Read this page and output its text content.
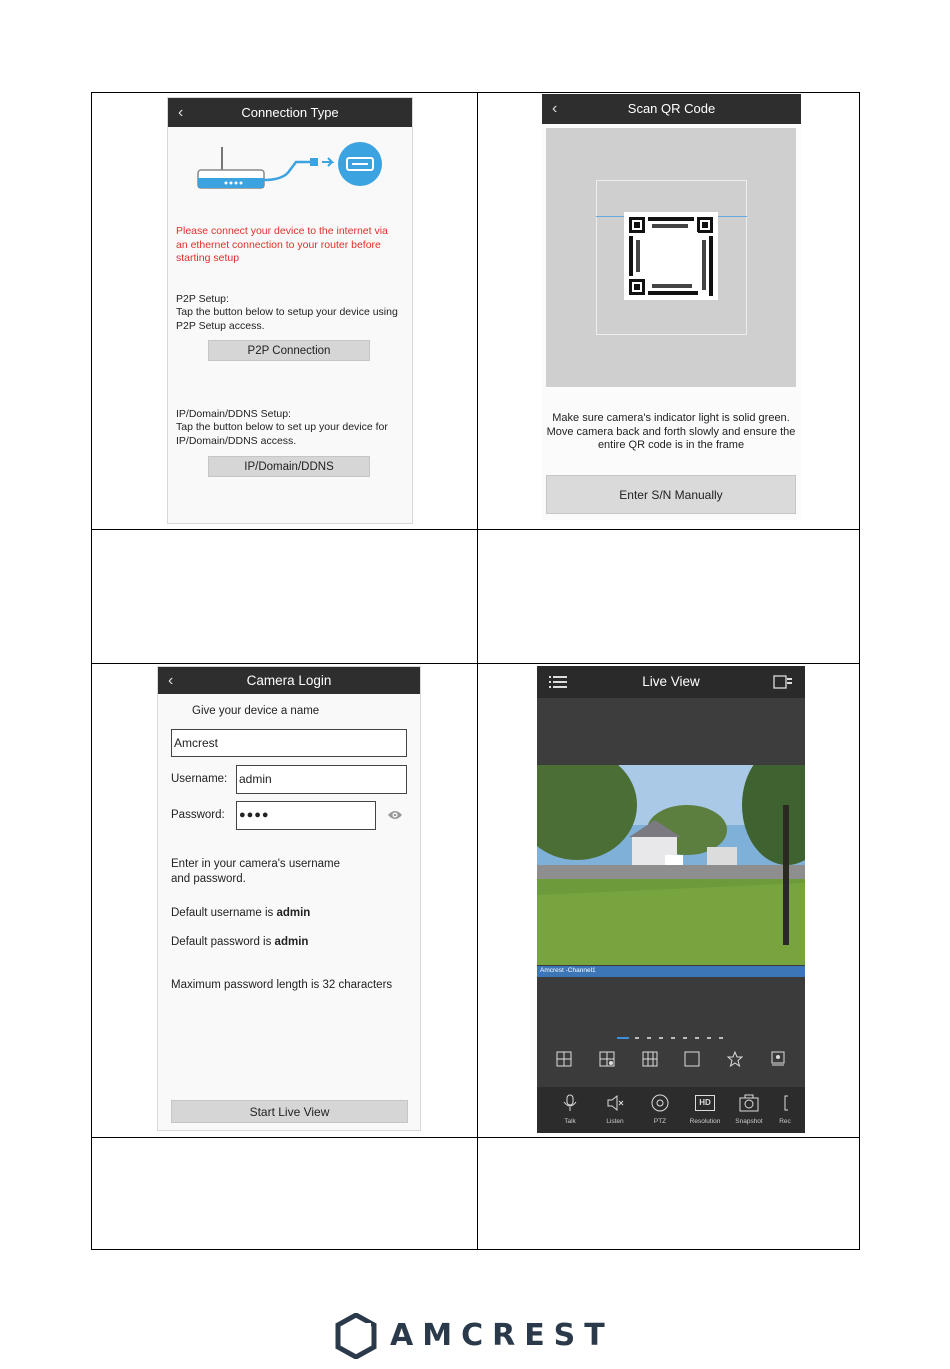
‹	Connection Type
Please connect your device to the internet via an ethernet connection to your router before starting setup
P2P Setup:
Tap the button below to setup your device using P2P Setup access.
P2P Connection
IP/Domain/DDNS Setup:
Tap the button below to set up your device for IP/Domain/DDNS access.
IP/Domain/DDNS
‹	Scan QR Code
Make sure camera's indicator light is solid green. Move camera back and forth slowly and ensure the entire QR code is in the frame
Enter S/N Manually
‹	Camera Login
Give your device a name
Amcrest
Username: admin
Password: ●●●●
Enter in your camera's username and password.
Default username is admin
Default password is admin
Maximum password length is 32 characters
Start Live View
Live View
Amcrest -Channel1
HD
Talk	Listen	PTZ	Resolution	Snapshot	Rec
AMCREST
